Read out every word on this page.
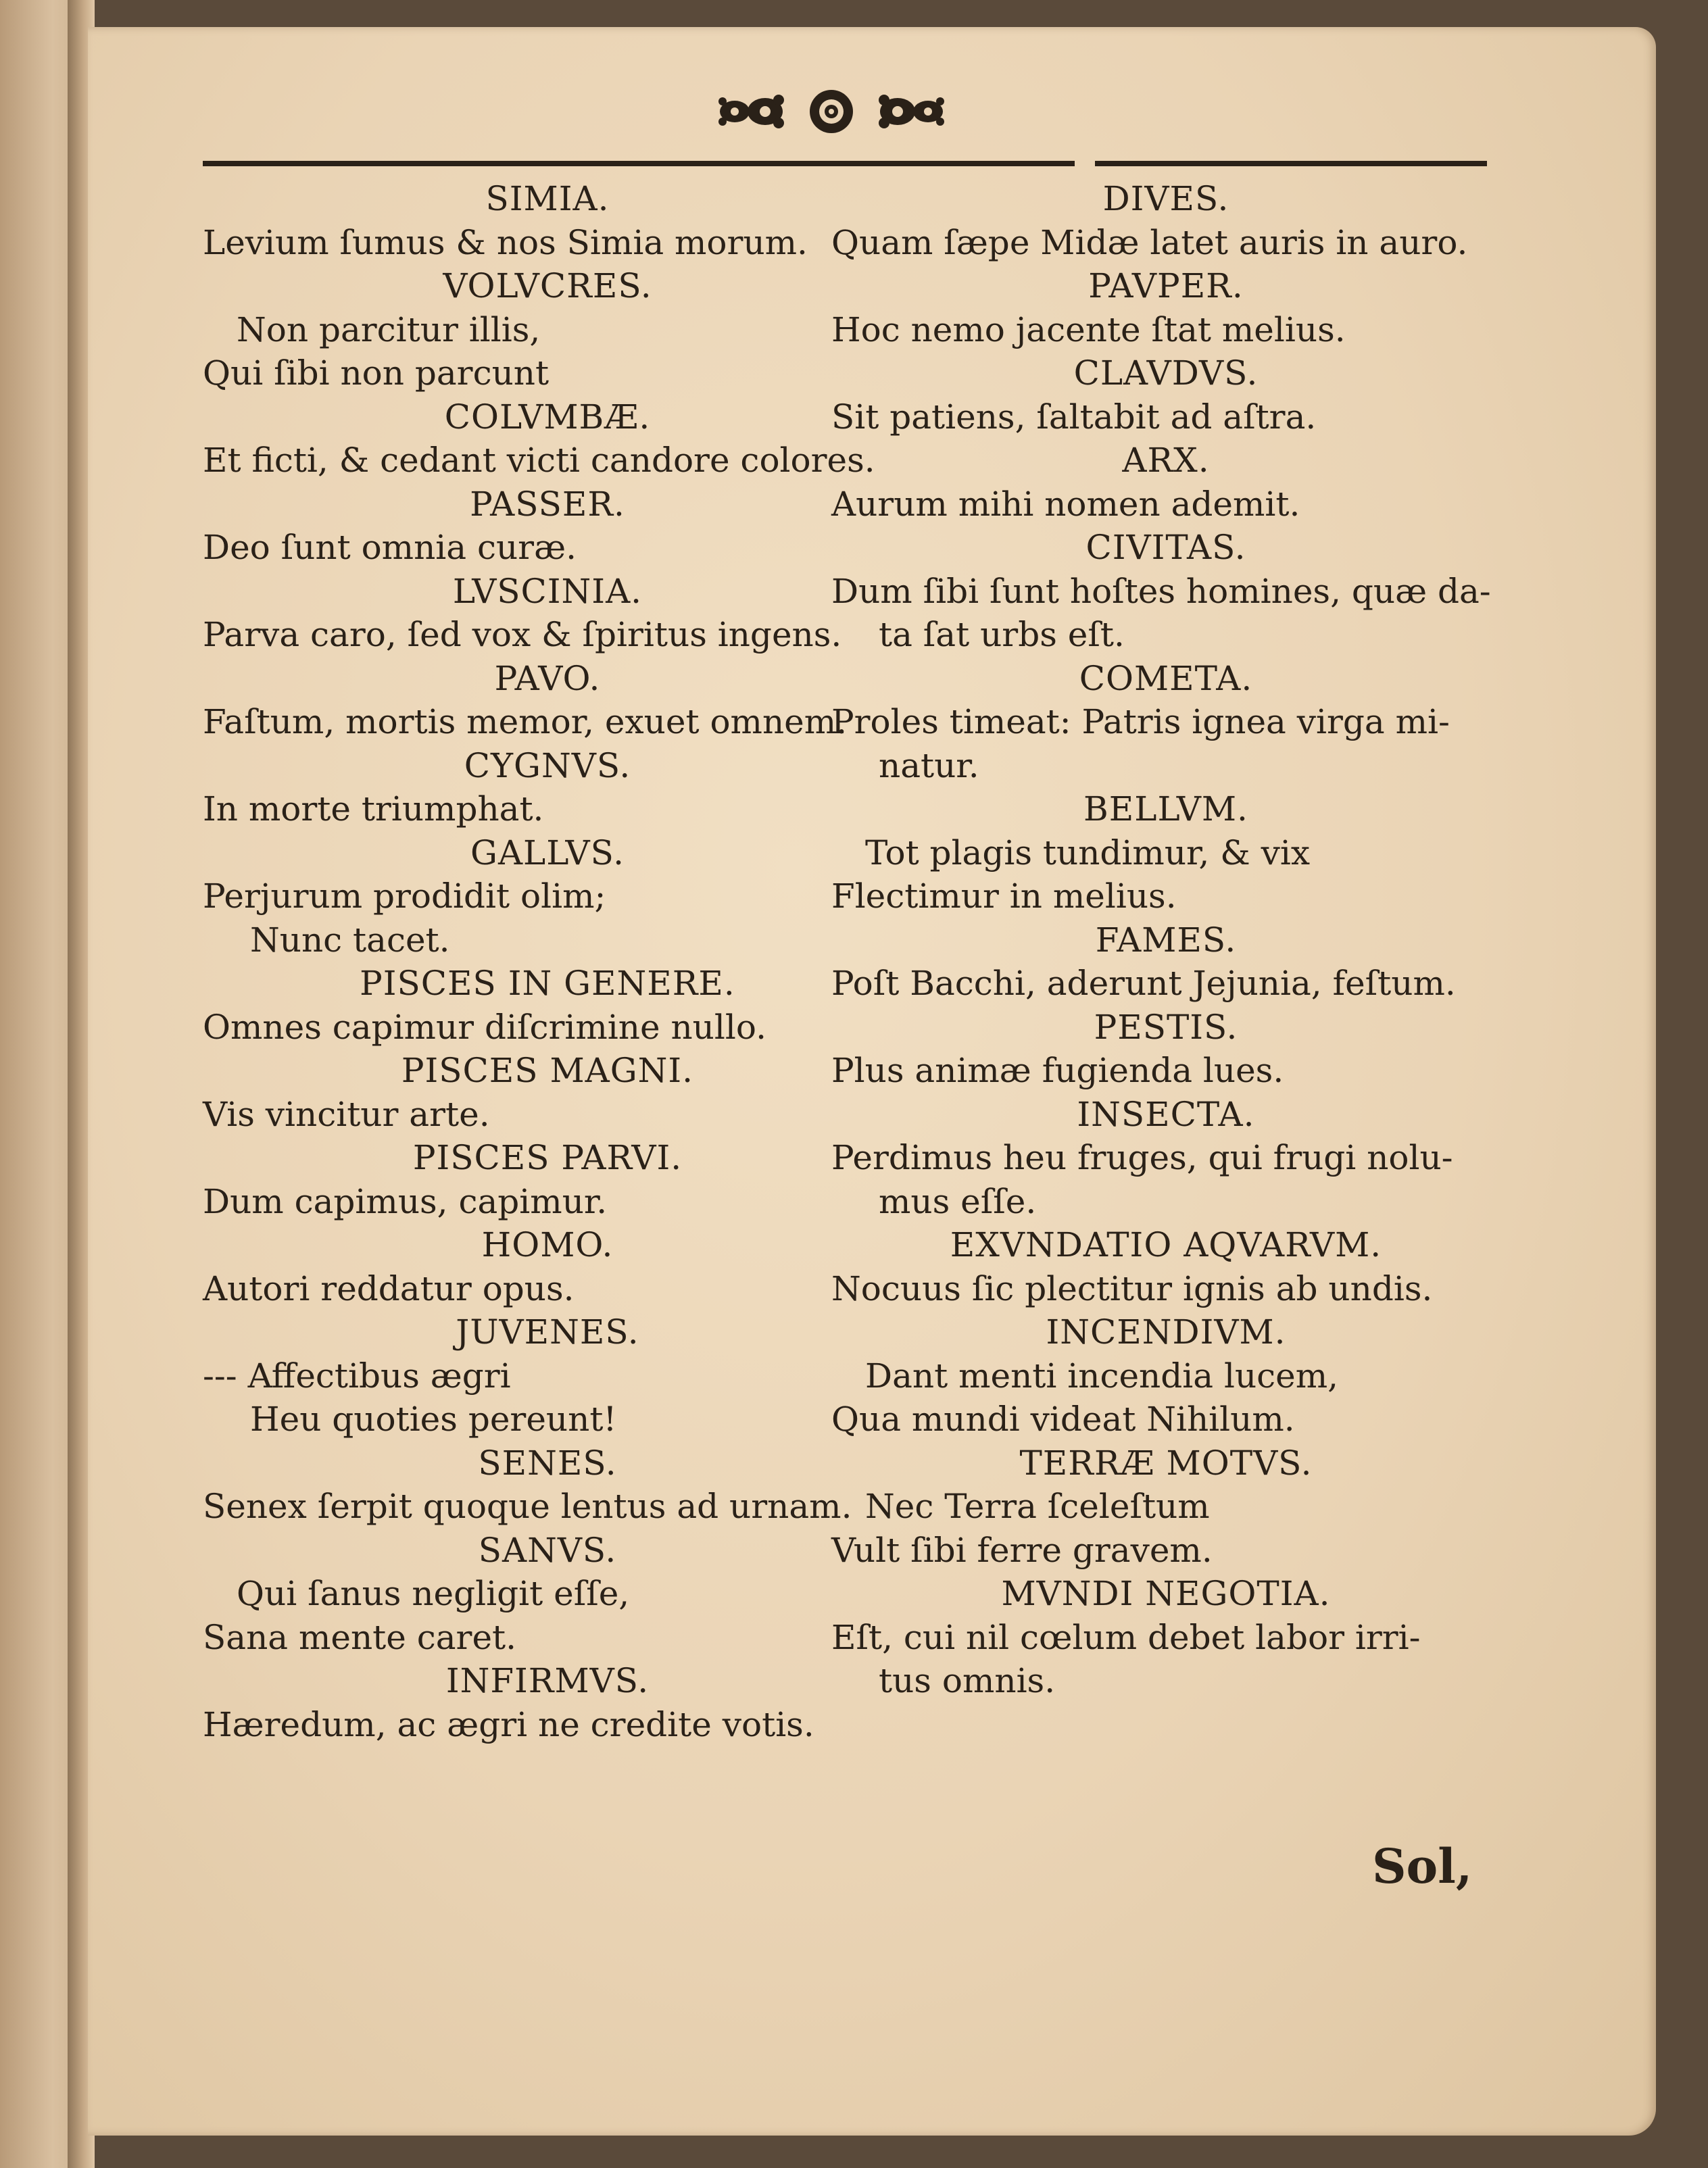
SIMIA.
Levium ſumus & nos Simia morum.
VOLVCRES.
Non parcitur illis,
Qui ſibi non parcunt
COLVMBÆ.
Et ficti, & cedant victi candore colores.
PASSER.
Deo ſunt omnia curæ.
LVSCINIA.
Parva caro, ſed vox & ſpiritus ingens.
PAVO.
Faſtum, mortis memor, exuet omnem.
CYGNVS.
In morte triumphat.
GALLVS.
Perjurum prodidit olim;
Nunc tacet.
PISCES IN GENERE.
Omnes capimur diſcrimine nullo.
PISCES MAGNI.
Vis vincitur arte.
PISCES PARVI.
Dum capimus, capimur.
HOMO.
Autori reddatur opus.
JUVENES.
--- Affectibus ægri
Heu quoties pereunt!
SENES.
Senex ſerpit quoque lentus ad urnam.
SANVS.
Qui ſanus negligit eſſe,
Sana mente caret.
INFIRMVS.
Hæredum, ac ægri ne credite votis.
DIVES.
Quam ſæpe Midæ latet auris in auro.
PAVPER.
Hoc nemo jacente ſtat melius.
CLAVDVS.
Sit patiens, ſaltabit ad aſtra.
ARX.
Aurum mihi nomen ademit.
CIVITAS.
Dum ſibi ſunt hoſtes homines, quæ da-
ta ſat urbs eſt.
COMETA.
Proles timeat: Patris ignea virga mi-
natur.
BELLVM.
Tot plagis tundimur, & vix
Flectimur in melius.
FAMES.
Poſt Bacchi, aderunt Jejunia, feſtum.
PESTIS.
Plus animæ fugienda lues.
INSECTA.
Perdimus heu fruges, qui frugi nolu-
mus eſſe.
EXVNDATIO AQVARVM.
Nocuus ſic plectitur ignis ab undis.
INCENDIVM.
Dant menti incendia lucem,
Qua mundi videat Nihilum.
TERRÆ MOTVS.
Nec Terra ſceleſtum
Vult ſibi ferre gravem.
MVNDI NEGOTIA.
Eſt, cui nil cœlum debet labor irri-
tus omnis.
Sol,
